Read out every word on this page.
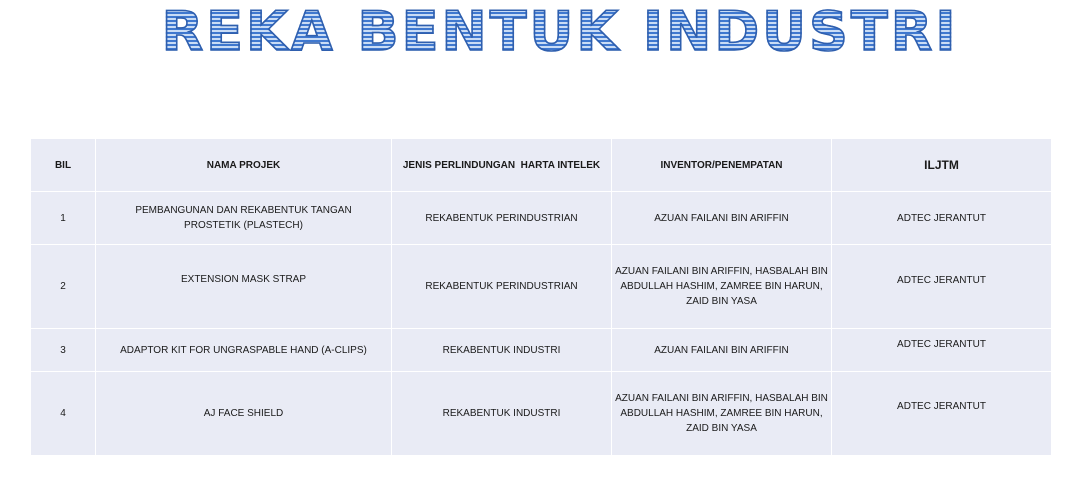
REKA BENTUK INDUSTRI
BIL	NAMA PROJEK	JENIS PERLINDUNGAN  HARTA INTELEK	INVENTOR/PENEMPATAN	ILJTM
1	PEMBANGUNAN DAN REKABENTUK TANGAN PROSTETIK (PLASTECH)	REKABENTUK PERINDUSTRIAN	AZUAN FAILANI BIN ARIFFIN	ADTEC JERANTUT
2	EXTENSION MASK STRAP	REKABENTUK PERINDUSTRIAN	AZUAN FAILANI BIN ARIFFIN, HASBALAH BIN ABDULLAH HASHIM, ZAMREE BIN HARUN, ZAID BIN YASA	ADTEC JERANTUT
3	ADAPTOR KIT FOR UNGRASPABLE HAND (A-CLIPS)	REKABENTUK INDUSTRI	AZUAN FAILANI BIN ARIFFIN	ADTEC JERANTUT
4	AJ FACE SHIELD	REKABENTUK INDUSTRI	AZUAN FAILANI BIN ARIFFIN, HASBALAH BIN ABDULLAH HASHIM, ZAMREE BIN HARUN, ZAID BIN YASA	ADTEC JERANTUT
